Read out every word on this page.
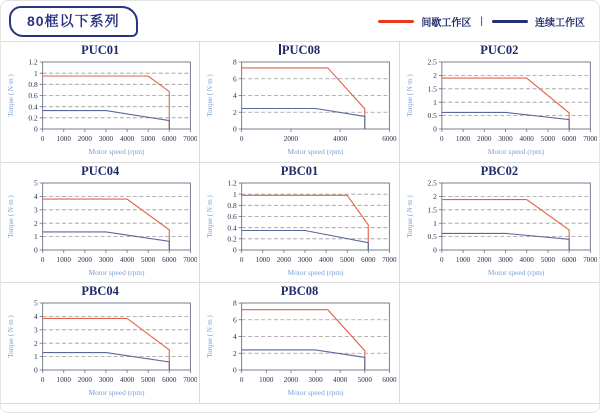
80框以下系列	间歇工作区 |	连续工作区
PUC01
0 1000 2000 3000 4000 5000 6000 7000
0
0.2
0.4
0.6
0.8
1
1.2
Motor speed (rpm)
Torque ( N·m )
PUC08
0	2000	4000	6000
0
2
4
6
8
Motor speed (rpm)
Torque ( N·m )
PUC02
0 1000 2000 3000 4000 5000 6000 7000
0
0.5
1
1.5
2
2.5
Motor speed (rpm)
Torque ( N·m )
PUC04
0 1000 2000 3000 4000 5000 6000 7000
0
1
2
3
4
5
Motor speed (rpm)
Torque ( N·m )
PBC01
0 1000 2000 3000 4000 5000 6000 7000
0
0.2
0.4
0.6
0.8
1
1.2
Motor speed (rpm)
Torque ( N·m )
PBC02
0 1000 2000 3000 4000 5000 6000 7000
0
0.5
1
1.5
2
2.5
Motor speed (rpm)
Torque ( N·m )
PBC04
0 1000 2000 3000 4000 5000 6000 7000
0
1
2
3
4
5
Motor speed (rpm)
Torque ( N·m )
PBC08
0 1000 2000 3000 4000 5000 6000
0
2
4
6
8
Motor speed (rpm)
Torque ( N·m )
